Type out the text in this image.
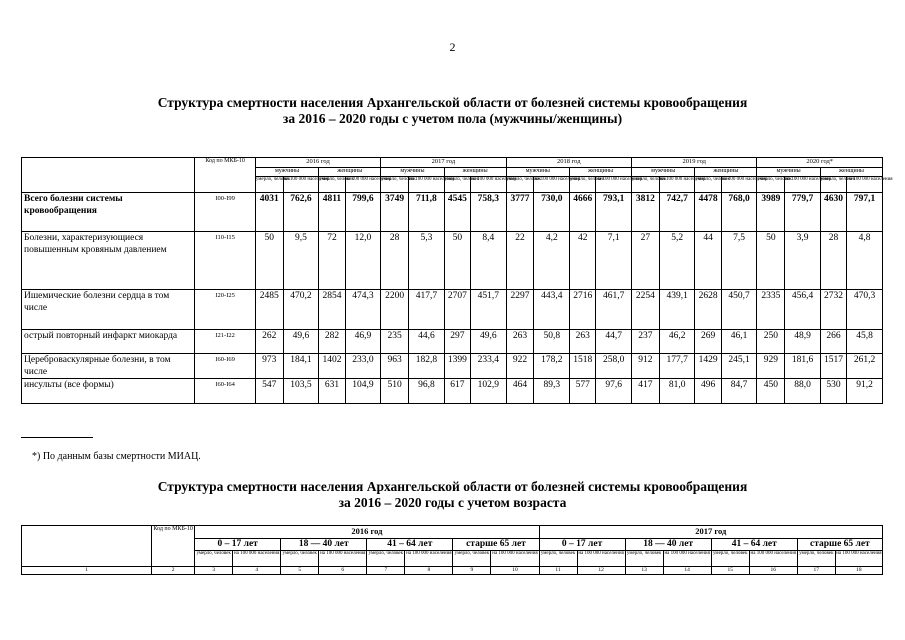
2
Структура смертности населения Архангельской области от болезней системы кровообращения
за 2016 – 2020 годы с учетом пола (мужчины/женщины)
	Код по МКБ-10	2016 год				2017 год				2018 год				2019 год				2020 год*			
		мужчины		женщины		мужчины		женщины		мужчины		женщины		мужчины		женщины		мужчины		женщины	
		умерло, человек	на 100 000 населения	умерло, человек	на 100 000 населения	умерло, человек	на 100 000 населения	умерло, человек	на 100 000 населения	умерло, человек	на 100 000 населения	умерло, человек	на 100 000 населения	умерло, человек	на 100 000 населения	умерло, человек	на 100 000 населения	умерло, человек	на 100 000 населения	умерло, человек	на 100 000 населения
Всего болезни системы кровообращения	I00-I99	4031	762,6	4811	799,6	3749	711,8	4545	758,3	3777	730,0	4666	793,1	3812	742,7	4478	768,0	3989	779,7	4630	797,1
Болезни, характеризующиеся повышенным кровяным давлением	I10-I15	50	9,5	72	12,0	28	5,3	50	8,4	22	4,2	42	7,1	27	5,2	44	7,5	50	3,9	28	4,8
Ишемические болезни сердца в том числе	I20-I25	2485	470,2	2854	474,3	2200	417,7	2707	451,7	2297	443,4	2716	461,7	2254	439,1	2628	450,7	2335	456,4	2732	470,3
острый повторный инфаркт миокарда	I21-I22	262	49,6	282	46,9	235	44,6	297	49,6	263	50,8	263	44,7	237	46,2	269	46,1	250	48,9	266	45,8
Цереброваскулярные болезни, в том числе	I60-I69	973	184,1	1402	233,0	963	182,8	1399	233,4	922	178,2	1518	258,0	912	177,7	1429	245,1	929	181,6	1517	261,2
инсульты (все формы)	I60-I64	547	103,5	631	104,9	510	96,8	617	102,9	464	89,3	577	97,6	417	81,0	496	84,7	450	88,0	530	91,2
*) По данным базы смертности МИАЦ.
Структура смертности населения Архангельской области от болезней системы кровообращения
за 2016 – 2020 годы с учетом возраста
	Код по МКБ-10	2016 год								2017 год							
		0 – 17 лет		18 — 40 лет		41 – 64 лет		старше 65 лет		0 – 17 лет		18 — 40 лет		41 – 64 лет		старше 65 лет	
		умерло, человек	на 100 000 населения	умерло, человек	на 100 000 населения	умерло, человек	на 100 000 населения	умерло, человек	на 100 000 населения	умерло, человек	на 100 000 населения	умерло, человек	на 100 000 населения	умерло, человек	на 100 000 населения	умерло, человек	на 100 000 населения
1	2	3	4	5	6	7	8	9	10	11	12	13	14	15	16	17	18
